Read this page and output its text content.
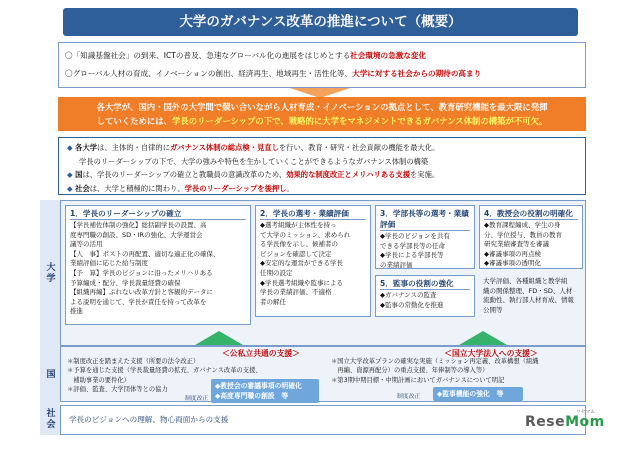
大学のガバナンス改革の推進について（概要）
〇「知識基盤社会」の到来、ICTの普及、急速なグローバル化の進展をはじめとする社会環境の急激な変化
〇グローバル人材の育成、イノベーションの創出、経済再生、地域再生・活性化等、大学に対する社会からの期待の高まり
各大学が、国内・国外の大学間で競い合いながら人材育成・イノベーションの拠点として、教育研究機能を最大限に発揮
していくためには、学長のリーダーシップの下で、戦略的に大学をマネジメントできるガバナンス体制の構築が不可欠。
◆ 各大学は、主体的・自律的にガバナンス体制の総点検・見直しを行い、教育・研究・社会貢献の機能を最大化。
学長のリーダーシップの下で、大学の強みや特色を生かしていくことができるようなガバナンス体制の構築
◆ 国は、学長のリーダーシップの確立と教職員の意識改革のため、効果的な制度改正とメリハリある支援を実施。
◆ 社会は、大学と積極的に関わり、学長のリーダーシップを後押し。
大学
国
社会
1．学長のリーダーシップの確立
【学長補佐体制の強化】総括副学長の設置、高
度専門職の創設、SD・IRの強化、大学運営会
議等の活用
【人　事】ポストの再配置、適切な適正化の確保、
業績評価に応じた給与制度
【予　算】学長のビジョンに沿ったメリハリある
予算編成・配分、学長裁量経費の確保
【組織再編】ぶれない改革方針と客観的データに
よる説明を通じて、学長が責任を持って改革を
推進
2．学長の選考・業績評価
◆選考組織が主体性を持っ
て大学のミッション、求められ
る学長像を示し、候補者の
ビジョンを確認して決定
◆安定的な運営ができる学長
任期の設定
◆学長選考組織や監事による
学長の業績評価、不適格
者の解任
3．学部長等の選考・業績評価
◆学長のビジョンを共有
できる学部長等の任命
◆学長による学部長等
の業績評価
4．教授会の役割の明確化
◆教育課程編成、学生の身
分、学位授与、教員の教育
研究業績審査等を審議
◆審議事項の再点検
◆審議事項の透明化
5．監事の役割の強化
◆ガバナンスの監査
◆監事の常勤化を推進
大学評価、各種組織と教学組
織の関係整理、FD・SD、人材
流動性、執行部人材育成、情報
公開等
＜公私立共通の支援＞
＊制度改正を踏まえた支援（所要の法令改正）
＊予算を通じた支援（学長裁量経費の拡充、ガバナンス改革の支援、
　補助事業の要件化）
＊評価、監査、大学団体等との協力	◆教授会の審議事項の明確化
◆高度専門職の創設　等
制度改正
＜国立大学法人への支援＞
＊国立大学改革プランの確実な実施（ミッション再定義、改革構想（組織
　再編、資源再配分）の重点支援、年俸制等の導入等）
＊第3期中期目標・中期計画においてガバナンスについて明記
◆監事機能の強化　等
制度改正
学長のビジョンへの理解、物心両面からの支援
リセマム
ReseMom
